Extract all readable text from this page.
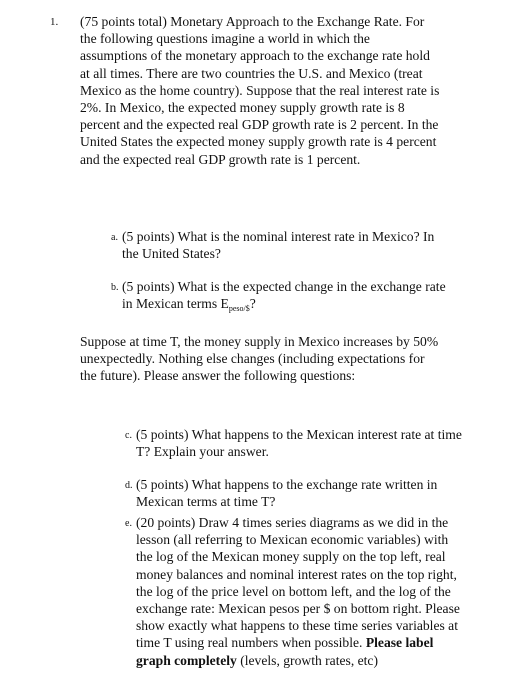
1. (75 points total) Monetary Approach to the Exchange Rate. For the following questions imagine a world in which the assumptions of the monetary approach to the exchange rate hold at all times. There are two countries the U.S. and Mexico (treat Mexico as the home country). Suppose that the real interest rate is 2%. In Mexico, the expected money supply growth rate is 8 percent and the expected real GDP growth rate is 2 percent. In the United States the expected money supply growth rate is 4 percent and the expected real GDP growth rate is 1 percent.

a. (5 points) What is the nominal interest rate in Mexico? In the United States?

b. (5 points) What is the expected change in the exchange rate in Mexican terms $E_{peso/\$}$?

Suppose at time T, the money supply in Mexico increases by 50% unexpectedly. Nothing else changes (including expectations for the future). Please answer the following questions:

c. (5 points) What happens to the Mexican interest rate at time T? Explain your answer.

d. (5 points) What happens to the exchange rate written in Mexican terms at time T?

e. (20 points) Draw 4 times series diagrams as we did in the lesson (all referring to Mexican economic variables) with the log of the Mexican money supply on the top left, real money balances and nominal interest rates on the top right, the log of the price level on bottom left, and the log of the exchange rate: Mexican pesos per $ on bottom right. Please show exactly what happens to these time series variables at time T using real numbers when possible. Please label graph completely (levels, growth rates, etc)
